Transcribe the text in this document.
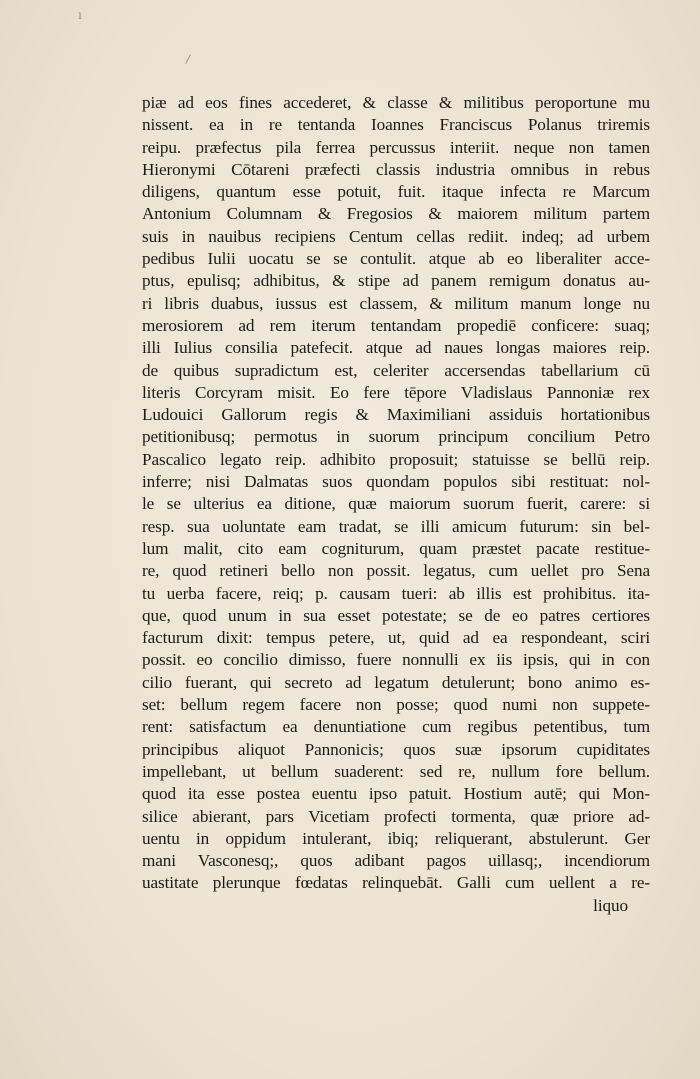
ı
/
piæ ad eos fines accederet, & classe & militibus peroportune mu
nissent. ea in re tentanda Ioannes Franciscus Polanus triremis
reipu. præfectus pila ferrea percussus interiit. neque non tamen
Hieronymi Cōtareni præfecti classis industria omnibus in rebus
diligens, quantum esse potuit, fuit. itaque infecta re Marcum
Antonium Columnam & Fregosios & maiorem militum partem
suis in nauibus recipiens Centum cellas rediit. indeq; ad urbem
pedibus Iulii uocatu se se contulit. atque ab eo liberaliter acce-
ptus, epulisq; adhibitus, & stipe ad panem remigum donatus au-
ri libris duabus, iussus est classem, & militum manum longe nu
merosiorem ad rem iterum tentandam propediē conficere: suaq;
illi Iulius consilia patefecit. atque ad naues longas maiores reip.
de quibus supradictum est, celeriter accersendas tabellarium cū
literis Corcyram misit. Eo fere tēpore Vladislaus Pannoniæ rex
Ludouici Gallorum regis & Maximiliani assiduis hortationibus
petitionibusq; permotus in suorum principum concilium Petro
Pascalico legato reip. adhibito proposuit; statuisse se bellū reip.
inferre; nisi Dalmatas suos quondam populos sibi restituat: nol-
le se ulterius ea ditione, quæ maiorum suorum fuerit, carere: si
resp. sua uoluntate eam tradat, se illi amicum futurum: sin bel-
lum malit, cito eam cogniturum, quam præstet pacate restitue-
re, quod retineri bello non possit. legatus, cum uellet pro Sena
tu uerba facere, reiq; p. causam tueri: ab illis est prohibitus. ita-
que, quod unum in sua esset potestate; se de eo patres certiores
facturum dixit: tempus petere, ut, quid ad ea respondeant, sciri
possit. eo concilio dimisso, fuere nonnulli ex iis ipsis, qui in con
cilio fuerant, qui secreto ad legatum detulerunt; bono animo es-
set: bellum regem facere non posse; quod numi non suppete-
rent: satisfactum ea denuntiatione cum regibus petentibus, tum
principibus aliquot Pannonicis; quos suæ ipsorum cupiditates
impellebant, ut bellum suaderent: sed re, nullum fore bellum.
quod ita esse postea euentu ipso patuit. Hostium autē; qui Mon-
silice abierant, pars Vicetiam profecti tormenta, quæ priore ad-
uentu in oppidum intulerant, ibiq; reliquerant, abstulerunt. Ger
mani Vasconesq;, quos adibant pagos uillasq;, incendiorum
uastitate plerunque fœdatas relinquebāt. Galli cum uellent a re-
liquo
